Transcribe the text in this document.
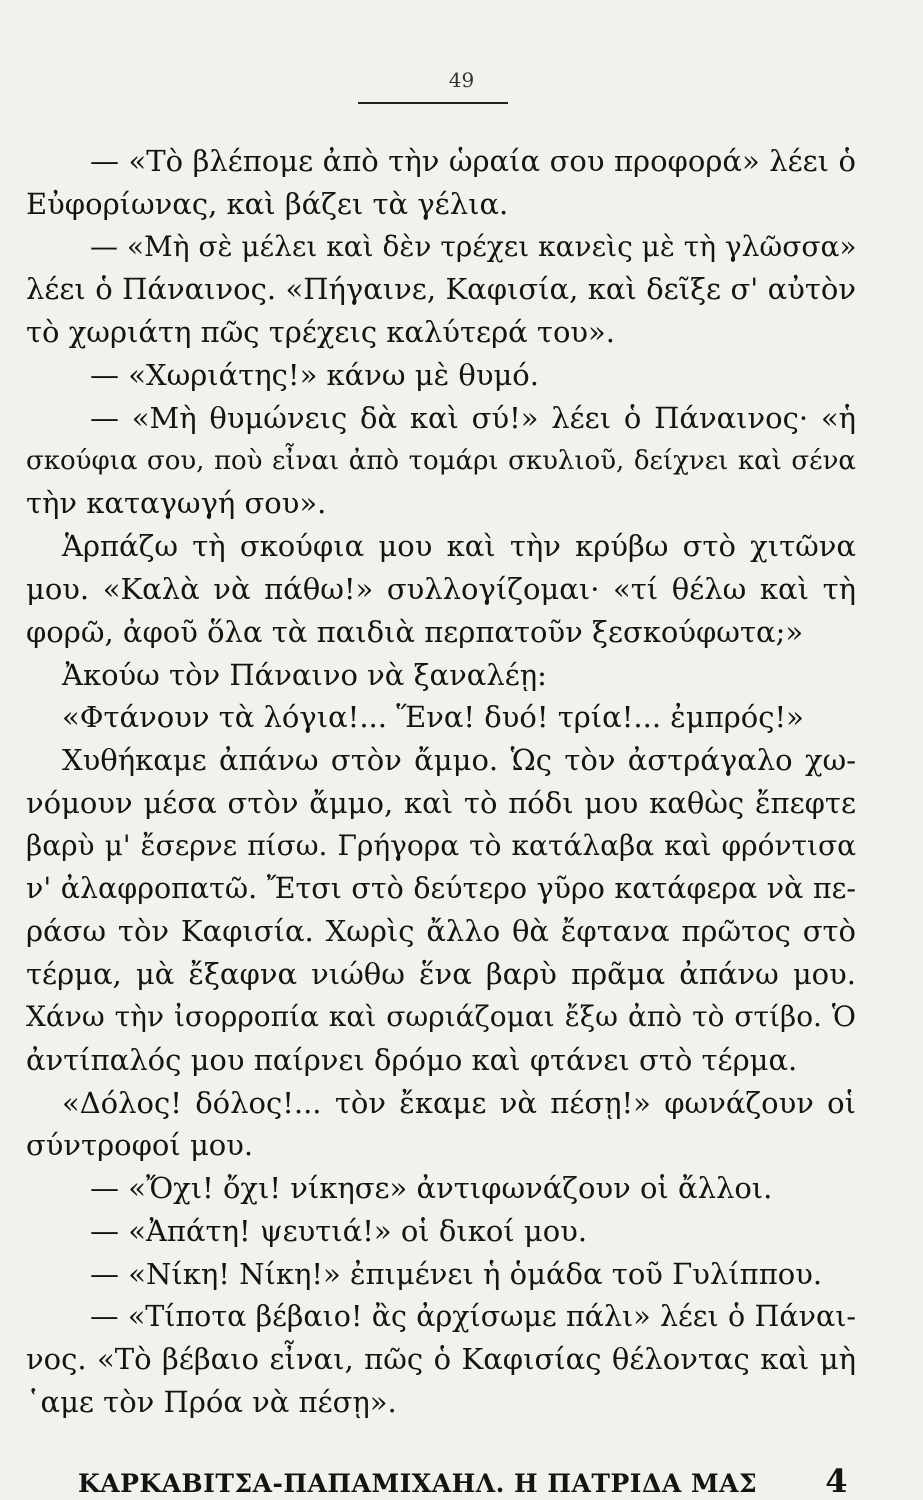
49
— «Τὸ βλέπομε ἀπὸ τὴν ὡραία σου προφορά» λέει ὁ
Εὐφορίωνας, καὶ βάζει τὰ γέλια.
— «Μὴ σὲ μέλει καὶ δὲν τρέχει κανεὶς μὲ τὴ γλῶσσα»
λέει ὁ Πάναινος. «Πήγαινε, Καφισία, καὶ δεῖξε σ' αὐτὸν
τὸ χωριάτη πῶς τρέχεις καλύτερά του».
— «Χωριάτης!» κάνω μὲ θυμό.
— «Μὴ θυμώνεις δὰ καὶ σύ!» λέει ὁ Πάναινος· «ἡ
σκούφια σου, ποὺ εἶναι ἀπὸ τομάρι σκυλιοῦ, δείχνει καὶ σένα
τὴν καταγωγή σου».
Ἁρπάζω τὴ σκούφια μου καὶ τὴν κρύβω στὸ χιτῶνα
μου. «Καλὰ νὰ πάθω!» συλλογίζομαι· «τί θέλω καὶ τὴ
φορῶ, ἀφοῦ ὅλα τὰ παιδιὰ περπατοῦν ξεσκούφωτα;»
Ἀκούω τὸν Πάναινο νὰ ξαναλέῃ:
«Φτάνουν τὰ λόγια!... Ἕνα! δυό! τρία!... ἐμπρός!»
Χυθήκαμε ἀπάνω στὸν ἄμμο. Ὡς τὸν ἀστράγαλο χω-
νόμουν μέσα στὸν ἄμμο, καὶ τὸ πόδι μου καθὼς ἔπεφτε
βαρὺ μ' ἔσερνε πίσω. Γρήγορα τὸ κατάλαβα καὶ φρόντισα
ν' ἀλαφροπατῶ. Ἔτσι στὸ δεύτερο γῦρο κατάφερα νὰ πε-
ράσω τὸν Καφισία. Χωρὶς ἄλλο θὰ ἔφτανα πρῶτος στὸ
τέρμα, μὰ ἔξαφνα νιώθω ἕνα βαρὺ πρᾶμα ἀπάνω μου.
Χάνω τὴν ἰσορροπία καὶ σωριάζομαι ἔξω ἀπὸ τὸ στίβο. Ὁ
ἀντίπαλός μου παίρνει δρόμο καὶ φτάνει στὸ τέρμα.
«Δόλος! δόλος!... τὸν ἔκαμε νὰ πέσῃ!» φωνάζουν οἱ
σύντροφοί μου.
— «Ὄχι! ὄχι! νίκησε» ἀντιφωνάζουν οἱ ἄλλοι.
— «Ἀπάτη! ψευτιά!» οἱ δικοί μου.
— «Νίκη! Νίκη!» ἐπιμένει ἡ ὁμάδα τοῦ Γυλίππου.
— «Τίποτα βέβαιο! ἂς ἀρχίσωμε πάλι» λέει ὁ Πάναι-
νος. «Τὸ βέβαιο εἶναι, πῶς ὁ Καφισίας θέλοντας καὶ μὴ
῾αμε τὸν Πρόα νὰ πέσῃ».
ΚΑΡΚΑΒΙΤΣΑ-ΠΑΠΑΜΙΧΑΗΛ. Η ΠΑΤΡΙΔΑ ΜΑΣ 4
